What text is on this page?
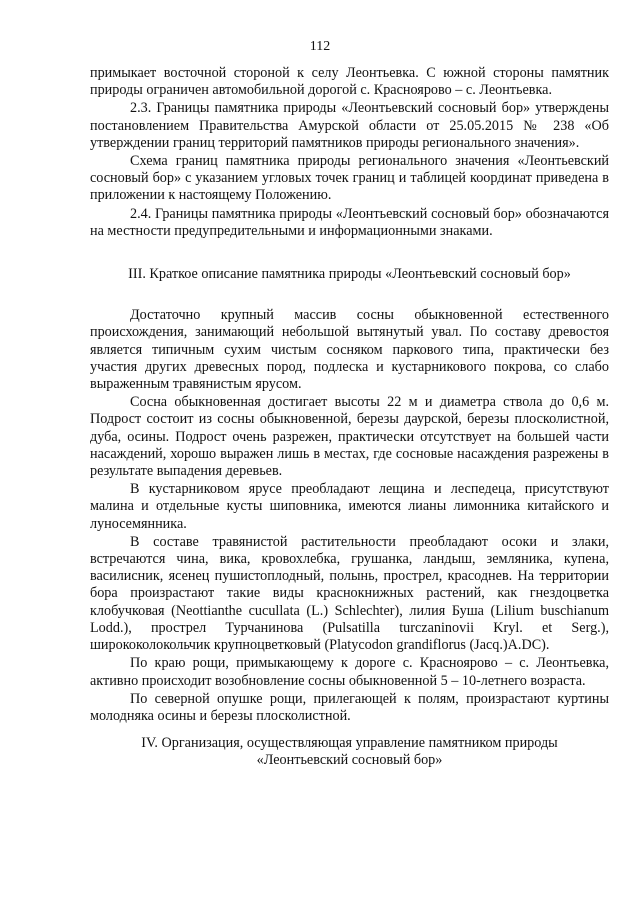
112

примыкает восточной стороной к селу Леонтьевка. С южной стороны памятник природы ограничен автомобильной дорогой с. Красноярово – с. Леонтьевка.

2.3. Границы памятника природы «Леонтьевский сосновый бор» утверждены постановлением Правительства Амурской области от 25.05.2015 № 238 «Об утверждении границ территорий памятников природы регионального значения».

Схема границ памятника природы регионального значения «Леонтьевский сосновый бор» с указанием угловых точек границ и таблицей координат приведена в приложении к настоящему Положению.

2.4. Границы памятника природы «Леонтьевский сосновый бор» обозначаются на местности предупредительными и информационными знаками.

III. Краткое описание памятника природы «Леонтьевский сосновый бор»

Достаточно крупный массив сосны обыкновенной естественного происхождения, занимающий небольшой вытянутый увал. По составу древостоя является типичным сухим чистым сосняком паркового типа, практически без участия других древесных пород, подлеска и кустарникового покрова, со слабо выраженным травянистым ярусом.

Сосна обыкновенная достигает высоты 22 м и диаметра ствола до 0,6 м. Подрост состоит из сосны обыкновенной, березы даурской, березы плосколистной, дуба, осины. Подрост очень разрежен, практически отсутствует на большей части насаждений, хорошо выражен лишь в местах, где сосновые насаждения разрежены в результате выпадения деревьев.

В кустарниковом ярусе преобладают лещина и леспедеца, присутствуют малина и отдельные кусты шиповника, имеются лианы лимонника китайского и луносемянника.

В составе травянистой растительности преобладают осоки и злаки, встречаются чина, вика, кровохлебка, грушанка, ландыш, земляника, купена, василисник, ясенец пушистоплодный, полынь, прострел, красоднев. На территории бора произрастают такие виды краснокнижных растений, как гнездоцветка клобучковая (Neottianthe cucullata (L.) Schlechter), лилия Буша (Lilium buschianum Lodd.), прострел Турчанинова (Pulsatilla turczaninovii Kryl. et Serg.), ширококолокольчик крупноцветковый (Platycodon grandiflorus (Jacq.)A.DC).

По краю рощи, примыкающему к дороге с. Красноярово – с. Леонтьевка, активно происходит возобновление сосны обыкновенной 5 – 10-летнего возраста.

По северной опушке рощи, прилегающей к полям, произрастают куртины молодняка осины и березы плосколистной.

IV. Организация, осуществляющая управление памятником природы

«Леонтьевский сосновый бор»
